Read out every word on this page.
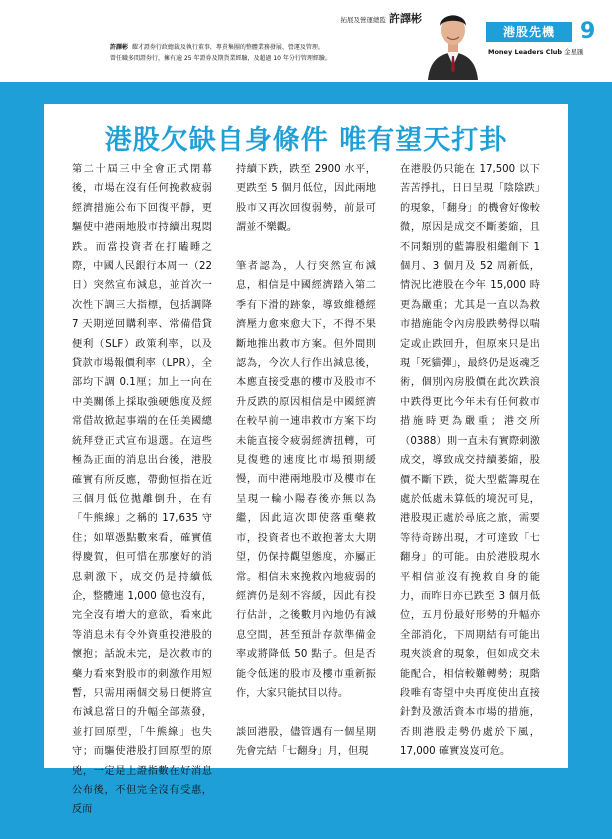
拓展及營運總監 許譯彬
許譯彬 耀才證券行政總裁及執行董事，專責集團的整體業務發展、營運及管理。
曾任職多間證券行，擁有逾 25 年證券及期貨業經驗，及超過 10 年分行管理經驗。
港股先機	9
Money Leaders Club 金星匯
港股欠缺自身條件 唯有望天打卦

第二十屆三中全會正式閉幕後，市場在沒有任何挽救疲弱經濟措施公布下回復平靜，更驅使中港兩地股市持續出現悶跌。而當投資者在打瞌睡之際，中國人民銀行本周一（22 日）突然宣布減息，並首次一次性下調三大指標，包括調降 7 天期逆回購利率、常備借貸便利（SLF）政策利率，以及貸款市場報價利率（LPR），全部均下調 0.1厘；加上一向在中美關係上採取強硬態度及經常借故掀起事端的在任美國總統拜登正式宣布退選。在這些極為正面的消息出台後，港股確實有所反應，帶動恒指在近三個月低位拋離倒升，在有「牛熊線」之稱的 17,635 守住；如單憑點數來看，確實值得慶賀，但可惜在那麼好的消息刺激下，成交仍是持續低企，整體連 1,000 億也沒有，完全沒有增大的意欲，看來此等消息未有令外資重投港股的懷抱；話說未完，是次救市的藥力看來對股市的刺激作用短暫，只需用兩個交易日便將宣布減息當日的升幅全部蒸發，並打回原型，「牛熊線」也失守；而驅使港股打回原型的原兇，一定是上證指數在好消息公布後，不但完全沒有受惠，反而

持續下跌，跌至 2900 水平，更跌至 5 個月低位，因此兩地股市又再次回復弱勢，前景可謂並不樂觀。

筆者認為，人行突然宣布減息，相信是中國經濟踏入第二季有下滑的跡象，導致維穩經濟壓力愈來愈大下，不得不果斷地推出救市方案。但外間則認為，今次人行作出減息後，本應直接受惠的樓市及股市不升反跌的原因相信是中國經濟在較早前一連串救市方案下均未能直接令疲弱經濟扭轉，可見復甦的速度比市場預期緩慢，而中港兩地股市及樓市在呈現一輪小陽春後亦無以為繼，因此這次即使落重藥救市，投資者也不敢抱著太大期望，仍保持觀望態度，亦屬正常。相信未來挽救內地疲弱的經濟仍是刻不容緩，因此有投行估計，之後數月內地仍有減息空間，甚至預計存款準備金率或將降低 50 點子。但是否能令低迷的股市及樓市重新振作，大家只能拭目以待。

談回港股，儘管遇有一個星期先會完結「七翻身」月，但現

在港股仍只能在 17,500 以下苦苦掙扎，日日呈現「陰陰跌」的現象，「翻身」的機會好像較微，原因是成交不斷萎縮，且不同類別的藍籌股相繼創下 1 個月、3 個月及 52 周新低，情況比港股在今年 15,000 時更為嚴重；尤其是一直以為救市措施能令內房股跌勢得以喘定或止跌回升，但原來只是出現「死貓彈」，最終仍是返魂乏術，個別內房股價在此次跌浪中跌得更比今年未有任何救市措施時更為嚴重；港交所（0388）則一直未有實際刺激成交，導致成交持續萎縮，股價不斷下跌，從大型藍籌現在處於低處未算低的境況可見，港股現正處於尋底之旅，需要等待奇跡出現，才可達致「七翻身」的可能。由於港股現水平相信並沒有挽救自身的能力，而昨日亦已跌至 3 個月低位，五月份最好形勢的升幅亦全部消化，下周期結有可能出現夾淡倉的現象，但如成交未能配合，相信較難轉勢；現階段唯有寄望中央再度使出直接針對及激活資本市場的措施，否則港股走勢仍處於下風，17,000 確實岌岌可危。
